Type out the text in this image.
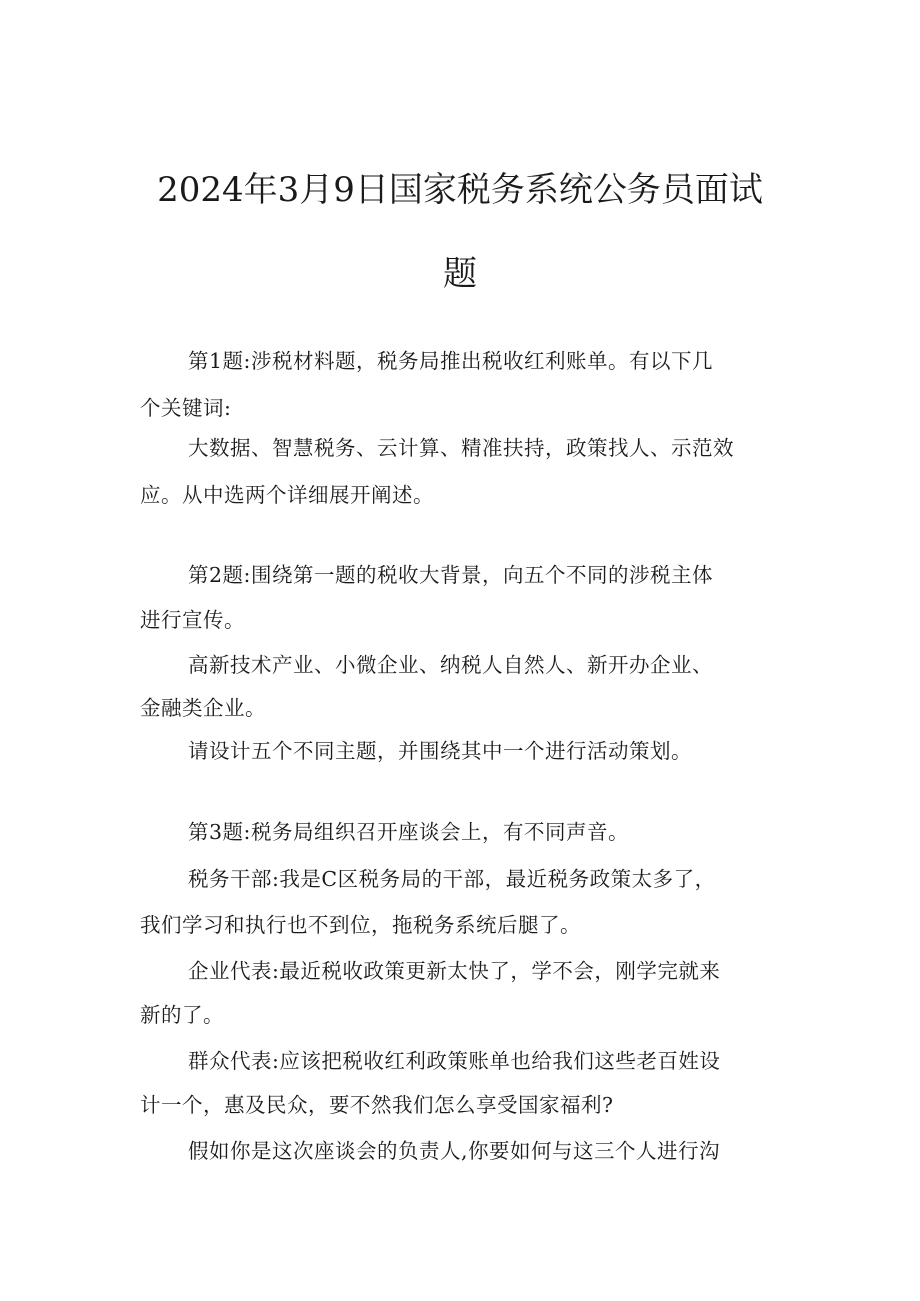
2024年3月9日国家税务系统公务员面试
题

第1题:涉税材料题，税务局推出税收红利账单。有以下几

个关键词:

大数据、智慧税务、云计算、精准扶持，政策找人、示范效

应。从中选两个详细展开阐述。

第2题:围绕第一题的税收大背景，向五个不同的涉税主体

进行宣传。

高新技术产业、小微企业、纳税人自然人、新开办企业、

金融类企业。

请设计五个不同主题，并围绕其中一个进行活动策划。

第3题:税务局组织召开座谈会上，有不同声音。

税务干部:我是C区税务局的干部，最近税务政策太多了，

我们学习和执行也不到位，拖税务系统后腿了。

企业代表:最近税收政策更新太快了，学不会，刚学完就来

新的了。

群众代表:应该把税收红利政策账单也给我们这些老百姓设

计一个，惠及民众，要不然我们怎么享受国家福利?

假如你是这次座谈会的负责人,你要如何与这三个人进行沟
